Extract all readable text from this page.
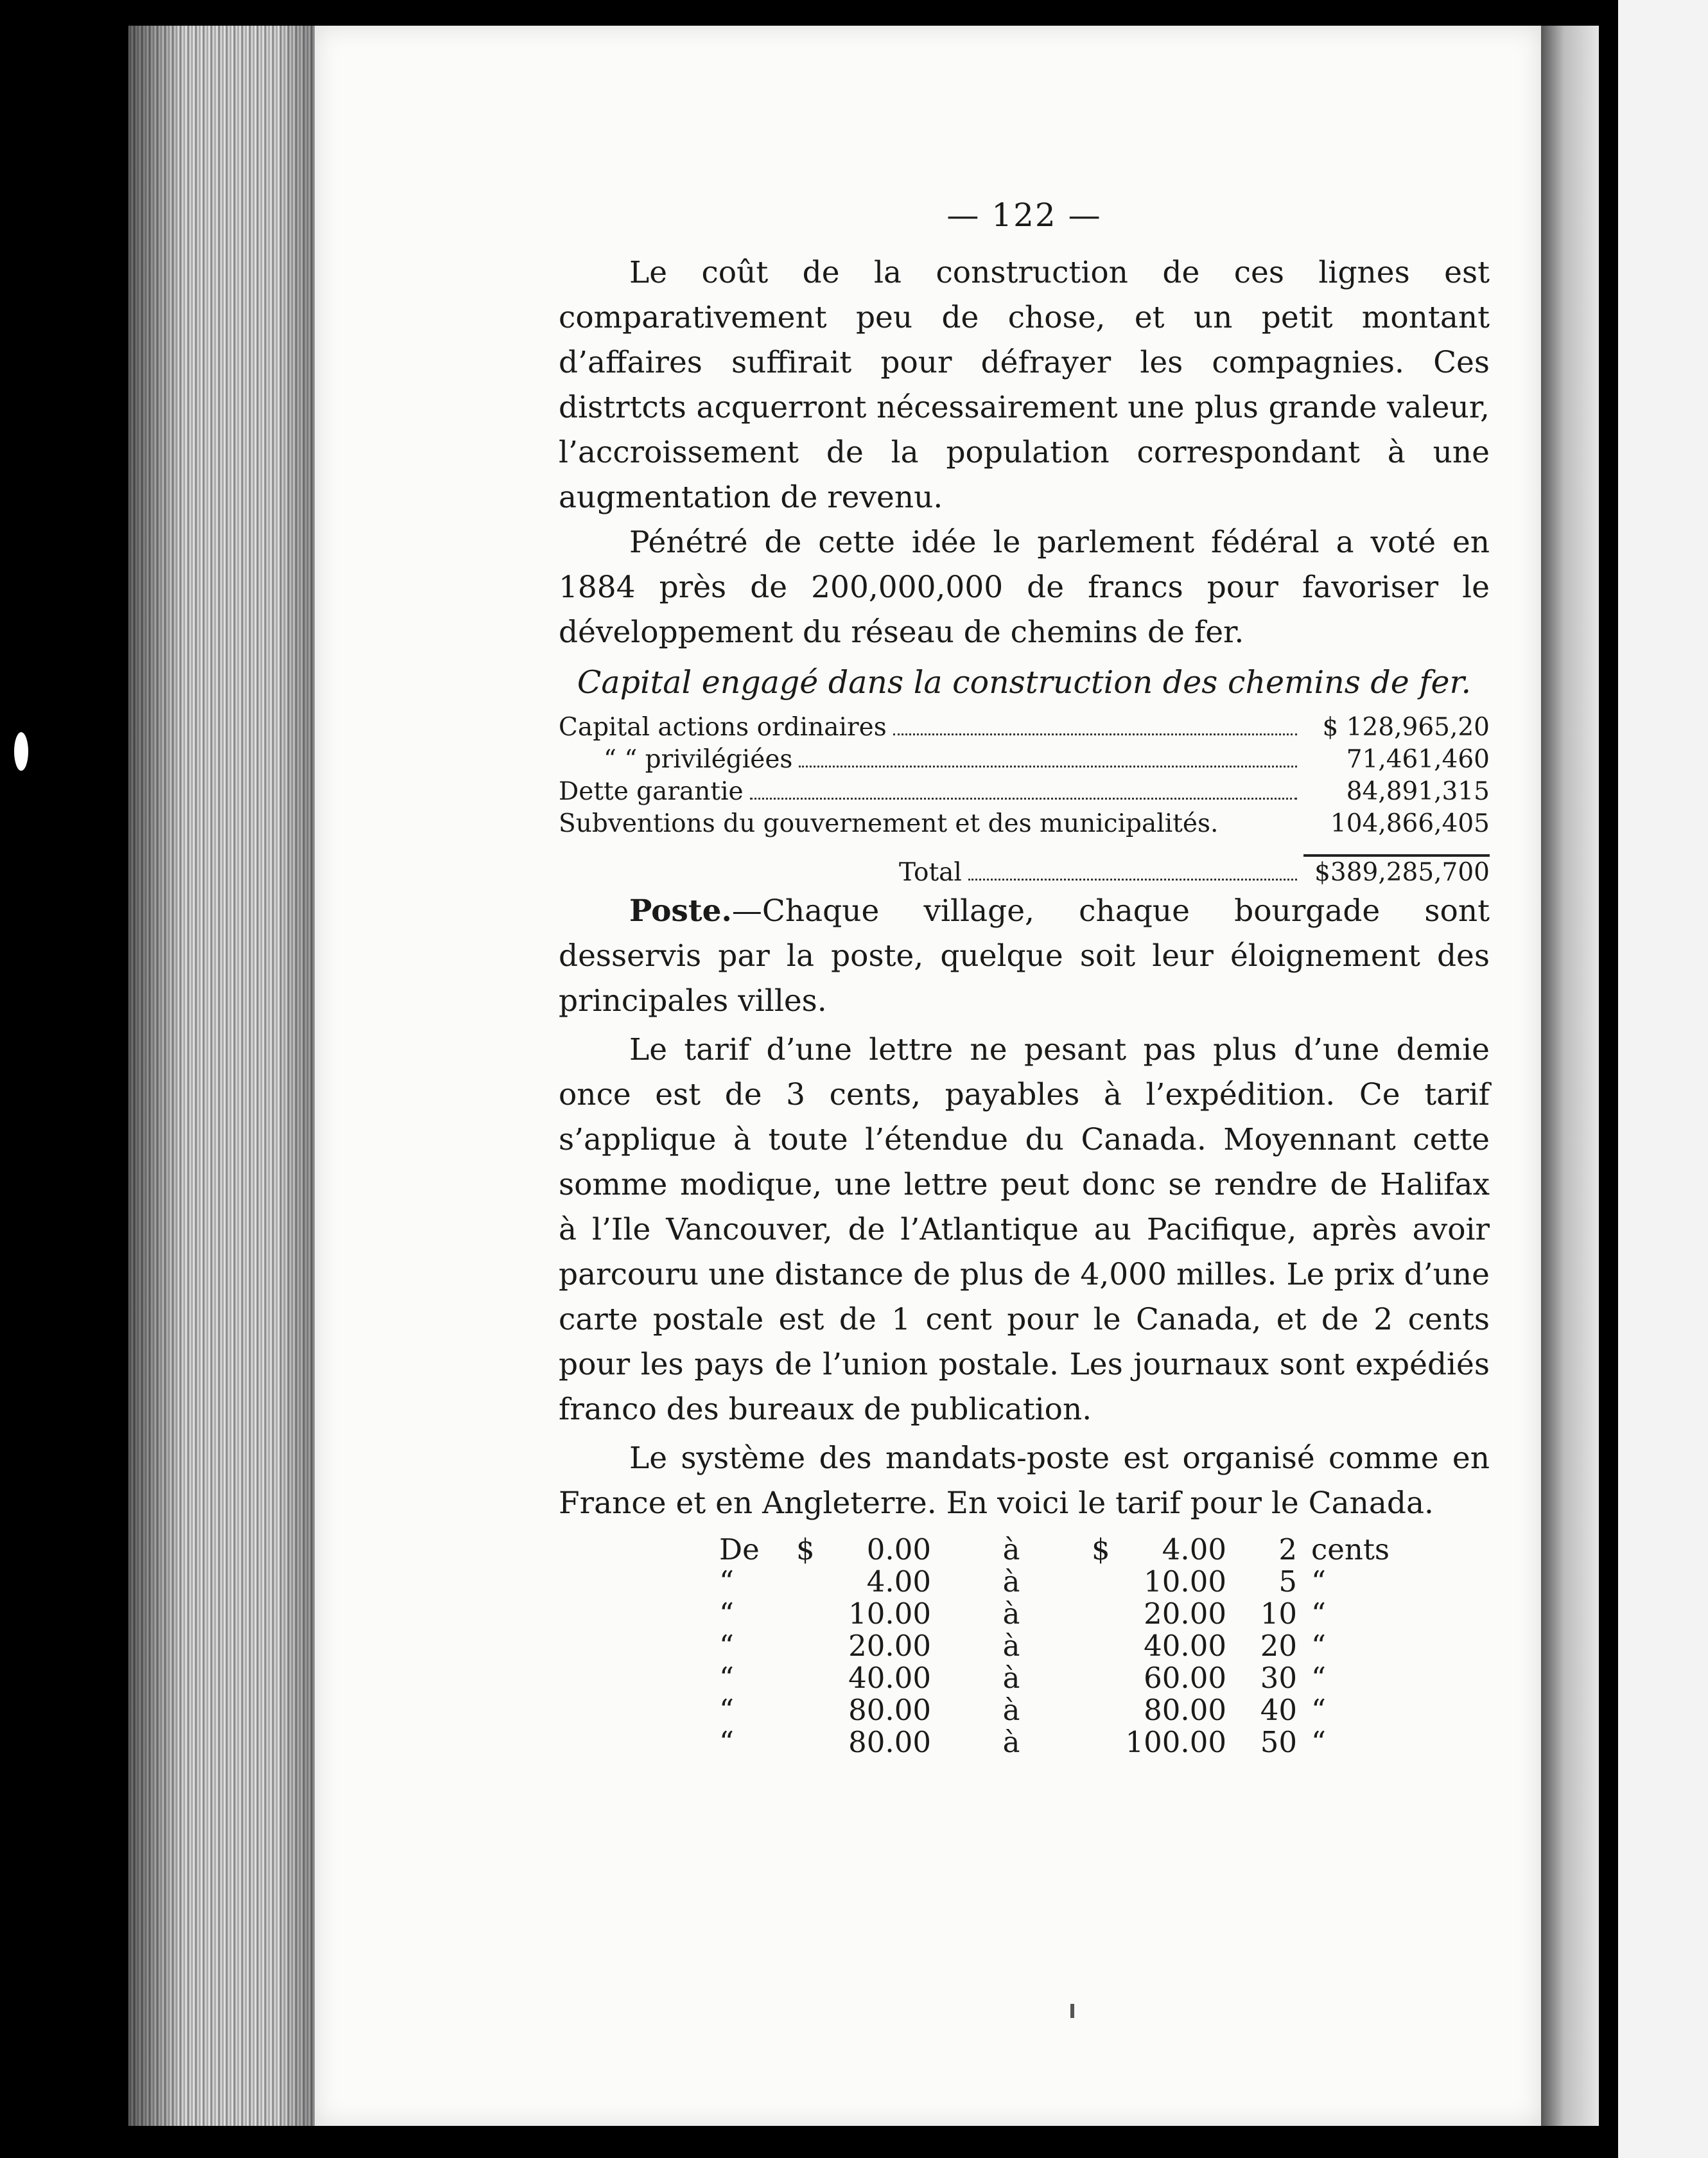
— 122 —

Le coût de la construction de ces lignes est comparativement peu de chose, et un petit montant d’affaires suffirait pour défrayer les compagnies. Ces distrtcts acquerront nécessairement une plus grande valeur, l’accroissement de la population correspondant à une augmentation de revenu.

Pénétré de cette idée le parlement fédéral a voté en 1884 près de 200,000,000 de francs pour favoriser le développement du réseau de chemins de fer.

Capital engagé dans la construction des chemins de fer.
Capital actions ordinaires	$ 128,965,20

“ “ privilégiées	71,461,460

Dette garantie	84,891,315

Subventions du gouvernement et des municipalités.	104,866,405

Total	$389,285,700

Poste.—Chaque village, chaque bourgade sont desservis par la poste, quelque soit leur éloignement des principales villes.

Le tarif d’une lettre ne pesant pas plus d’une demie once est de 3 cents, payables à l’expédition. Ce tarif s’applique à toute l’étendue du Canada. Moyennant cette somme modique, une lettre peut donc se rendre de Halifax à l’Ile Vancouver, de l’Atlantique au Pacifique, après avoir parcouru une distance de plus de 4,000 milles. Le prix d’une carte postale est de 1 cent pour le Canada, et de 2 cents pour les pays de l’union postale. Les journaux sont expédiés franco des bureaux de publication.

Le système des mandats-poste est organisé comme en France et en Angleterre. En voici le tarif pour le Canada.

De	$	0.00	à	$	4.00	2	cents
“		4.00	à		10.00	5	“
“		10.00	à		20.00	10	“
“		20.00	à		40.00	20	“
“		40.00	à		60.00	30	“
“		80.00	à		80.00	40	“
“		80.00	à		100.00	50	“
